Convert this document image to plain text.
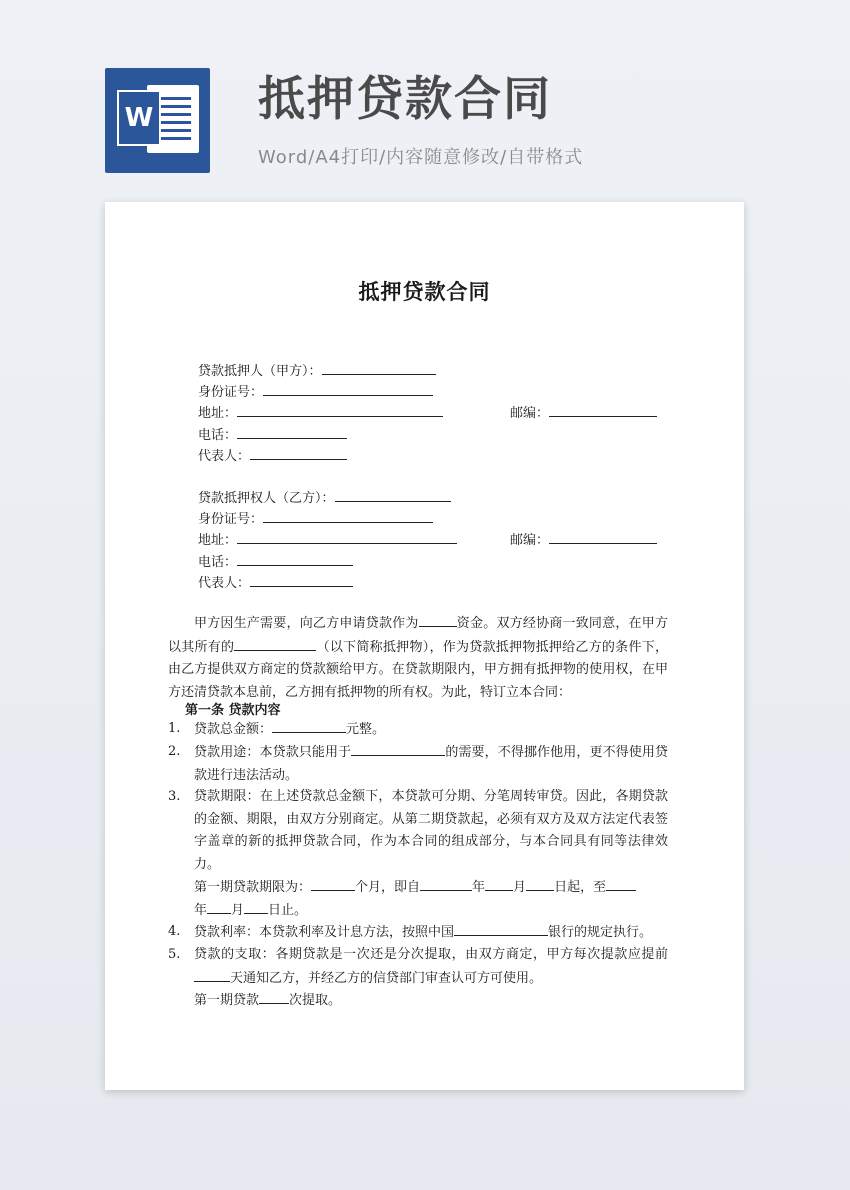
W 抵押贷款合同
Word/A4打印/内容随意修改/自带格式
抵押贷款合同
贷款抵押人（甲方）：
身份证号：
地址：	邮编：
电话：
代表人：
贷款抵押权人（乙方）：
身份证号：
地址：	邮编：
电话：
代表人：

甲方因生产需要，向乙方申请贷款作为	资金。双方经协商一致同意，在甲方以其所有的	（以下简称抵押物），作为贷款抵押物抵押给乙方的条件下，由乙方提供双方商定的贷款额给甲方。在贷款期限内，甲方拥有抵押物的使用权，在甲方还清贷款本息前，乙方拥有抵押物的所有权。为此，特订立本合同：

第一条 贷款内容
1. 贷款总金额：	元整。
2. 贷款用途：本贷款只能用于	的需要，不得挪作他用，更不得使用贷款进行违法活动。
3. 贷款期限：在上述贷款总金额下，本贷款可分期、分笔周转审贷。因此，各期贷款的金额、期限，由双方分别商定。从第二期贷款起，必须有双方及双方法定代表签字盖章的新的抵押贷款合同，作为本合同的组成部分，与本合同具有同等法律效力。
第一期贷款期限为：	个月，即自	年 月 日起，至
年 月 日止。
4. 贷款利率：本贷款利率及计息方法，按照中国	银行的规定执行。
5. 贷款的支取：各期贷款是一次还是分次提取，由双方商定，甲方每次提款应提前天通知乙方，并经乙方的信贷部门审查认可方可使用。
第一期贷款 次提取。
